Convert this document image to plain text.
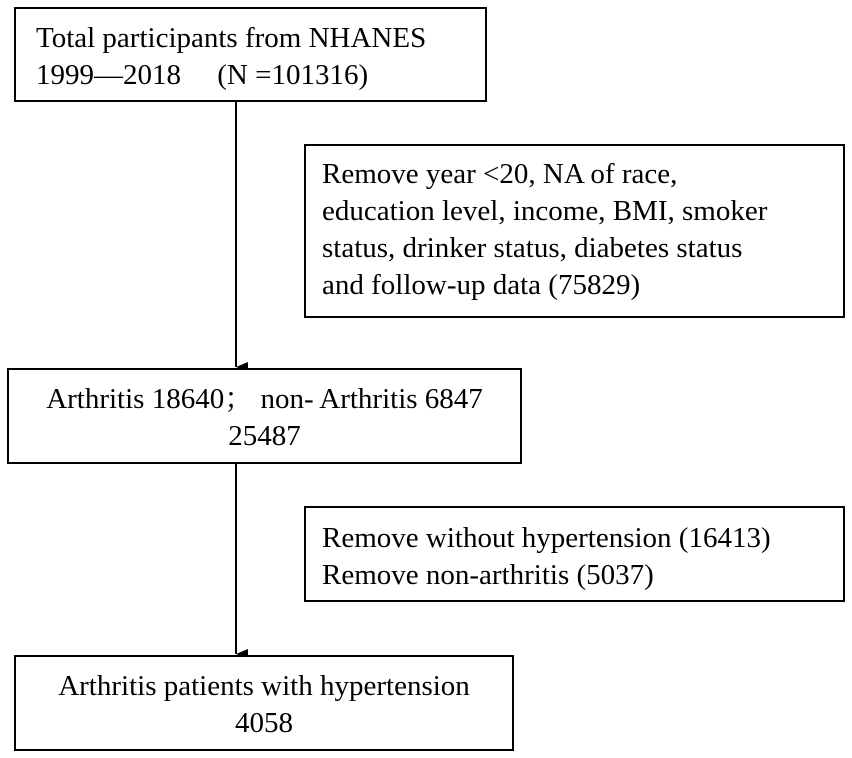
Total participants from NHANES
1999—2018     (N =101316)
Remove year <20, NA of race,
education level, income, BMI, smoker
status, drinker status, diabetes status
and follow-up data (75829)
Arthritis 18640； non- Arthritis 6847
25487
Remove without hypertension (16413)
Remove non-arthritis (5037)
Arthritis patients with hypertension
4058
